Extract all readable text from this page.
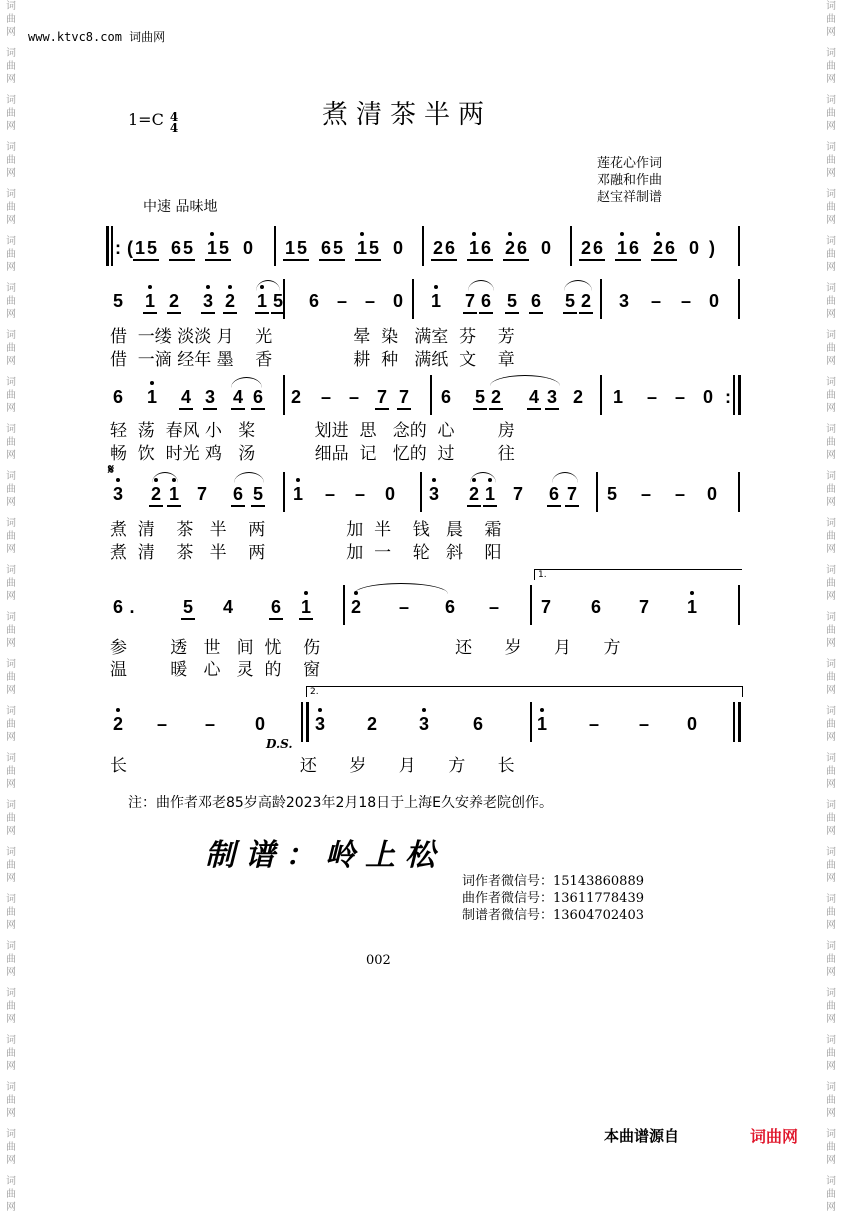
词
曲
网
词
曲
网
词
曲
网
词
曲
网
词
曲
网
词
曲
网
词
曲
网
词
曲
网
词
曲
网
词
曲
网
词
曲
网
词
曲
网
词
曲
网
词
曲
网
词
曲
网
词
曲
网
词
曲
网
词
曲
网
词
曲
网
词
曲
网
词
曲
网
词
曲
网
词
曲
网
词
曲
网
词
曲
网
词
曲
网
词
曲
网
词
曲
网
词
曲
网
词
曲
网
词
曲
网
词
曲
网
词
曲
网
词
曲
网
词
曲
网
词
曲
网
词
曲
网
词
曲
网
词
曲
网
词
曲
网
词
曲
网
词
曲
网
词
曲
网
词
曲
网
词
曲
网
词
曲
网
词
曲
网
词
曲
网
词
曲
网
词
曲
网
词
曲
网
词
曲
网
www.ktvc8.com 词曲网
1=C 4
4	煮清茶半两
莲花心作词
邓融和作曲
赵宝祥制谱
中速 品味地
: ( 1 5 6 5 1 5 0 1 5 6 5 1 5 0 2 6 1 6 2 6 0 2 6 1 6 2 6 0 )
5 1 2 3 2 1 5 6 – – 0 1 7 6 5 6 5 2 3 – – 0
6 1 4 3 4 6 2 – – 7 7 6 5 2 4 3 2 1 – – 0 :
3 2 1 7 6 5 1 – – 0 3 2 1 7 6 7 5 – – 0
6 .	5 4 6 1 2 – 6 – 7 6 7 1
2 – – 0	3 2 3 6	1 – – 0
借  一缕 淡淡 月    光               晕  染   满室  芬    芳
借  一滴 经年 墨    香               耕  种   满纸  文    章
轻  荡  春风 小   桨           划进  思   念的  心        房
畅  饮  时光 鸡   汤           细品  记   忆的  过        往
煮  清    茶   半    两               加  半    钱   晨    霜
煮  清    茶   半    两               加  一    轮   斜    阳
参        透   世   间  忧    伤                         还      岁      月      方
温        暖   心   灵  的    窗
长                                还      岁      月      方      长
D.S.
𝄋
1.
2.
注：曲作者邓老85岁高龄2023年2月18日于上海E久安养老院创作。
制谱：岭上松
词作者微信号：15143860889
曲作者微信号：13611778439
制谱者微信号：13604702403
002
本曲谱源自	词曲网
